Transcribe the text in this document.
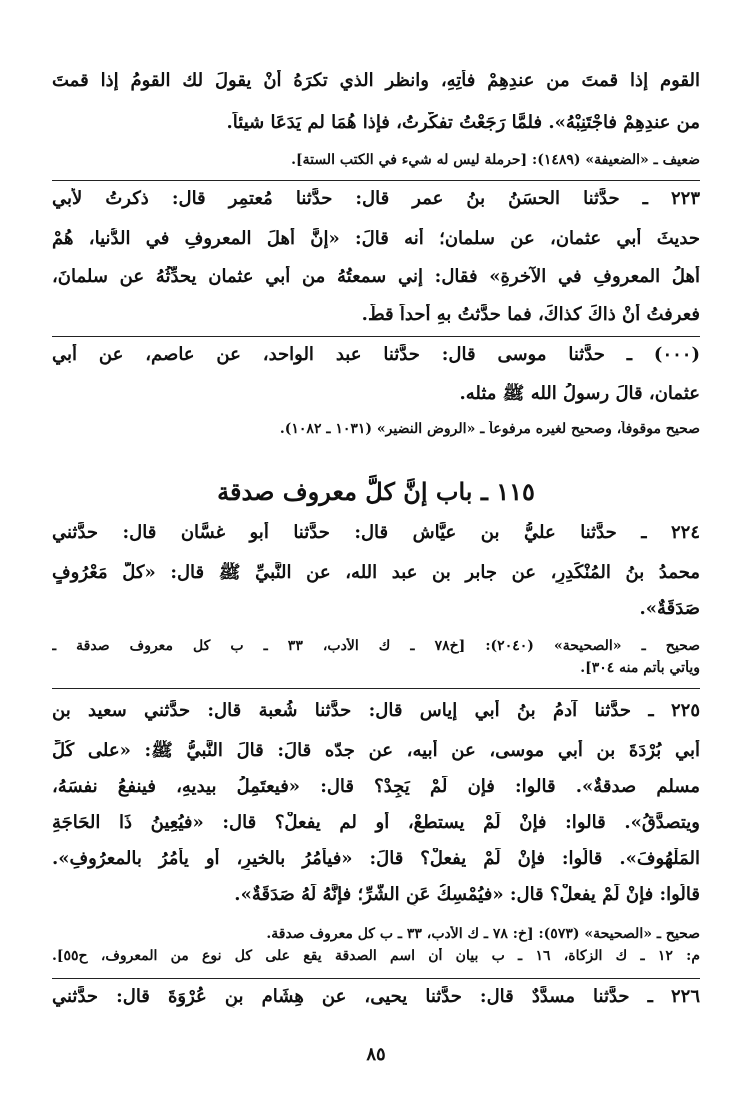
القوم إذا قمتَ من عندِهِمْ فأتِهِ، وانظر الذي تكرَهُ أنْ يقولَ لك القومُ إذا قمتَ
من عندِهِمْ فاجْتَنِبْهُ». فلمَّا رَجَعْتُ تفكّرتُ، فإذا هُمَا لم يَدَعَا شيئاً.
ضعيف ـ «الضعيفة» (١٤٨٩): [حرملة ليس له شيء في الكتب الستة].
٢٢٣ ـ حدَّثنا الحسَنُ بنُ عمر قال: حدَّثنا مُعتمِر قال: ذكرتُ لأبي
حديثَ أبي عثمان، عن سلمان؛ أنه قالَ: «إنَّ أهلَ المعروفِ في الدُّنيا، هُمْ
أهلُ المعروفِ في الآخرةِ» فقال: إني سمعتُهُ من أبي عثمان يحدِّثُهُ عن سلمانَ،
فعرفتُ أنْ ذاكَ كذاكَ، فما حدَّثتُ بهِ أحداً قطُّ.
(٠٠٠) ـ حدَّثنا موسى قال: حدَّثنا عبد الواحد، عن عاصم، عن أبي
عثمان، قالَ رسولُ الله ﷺ مثله.
صحيح موقوفاً، وصحيح لغيره مرفوعاً ـ «الروض النضير» (١٠٣١ ـ ١٠٨٢).
١١٥ ـ باب إنَّ كلَّ معروف صدقة
٢٢٤ ـ حدَّثنا عليُّ بن عيَّاش قال: حدَّثنا أبو غسَّان قال: حدَّثني
محمدُ بنُ المُنْكَدِرِ، عن جابر بن عبد الله، عن النَّبيِّ ﷺ قال: «كلُّ مَعْرُوفٍ
صَدَقَةٌ».
صحيح ـ «الصحيحة» (٢٠٤٠): [خ٧٨ ـ ك الأدب، ٣٣ ـ ب كل معروف صدقة ـ
ويأتي بأتم منه ٣٠٤].
٢٢٥ ـ حدَّثنا آدمُ بنُ أبي إياس قال: حدَّثنا شُعبة قال: حدَّثني سعيد بن
أبي بُرْدَةَ بن أبي موسى، عن أبيه، عن جدّه قالَ: قالَ النَّبيُّ ﷺ: «على كُلِّ
مسلم صدقةٌ». قالوا: فإن لَمْ يَجِدْ؟ قال: «فيعتَمِلُ بيديهِ، فينفعُ نفسَهُ،
ويتصدَّقُ». قالوا: فإنْ لَمْ يستطعْ، أو لم يفعلْ؟ قال: «فيُعِينُ ذَا الحَاجَةِ
المَلْهُوفَ». قالُوا: فإنْ لَمْ يفعلْ؟ قالَ: «فيأمُرُ بالخيرِ، أو يأمُرُ بالمعرُوفِ».
قالُوا: فإنْ لَمْ يفعلْ؟ قال: «فيُمْسِكُ عَنِ الشَّرِّ؛ فإنَّهُ لَهُ صَدَقَةٌ».
صحيح ـ «الصحيحة» (٥٧٣): [خ: ٧٨ ـ ك الأدب، ٣٣ ـ ب كل معروف صدقة.
م: ١٢ ـ ك الزكاة، ١٦ ـ ب بيان أن اسم الصدقة يقع على كل نوع من المعروف، ح٥٥].
٢٢٦ ـ حدَّثنا مسدَّدٌ قال: حدَّثنا يحيى، عن هِشَام بنِ عُرْوَةَ قال: حدَّثني
٨٥
